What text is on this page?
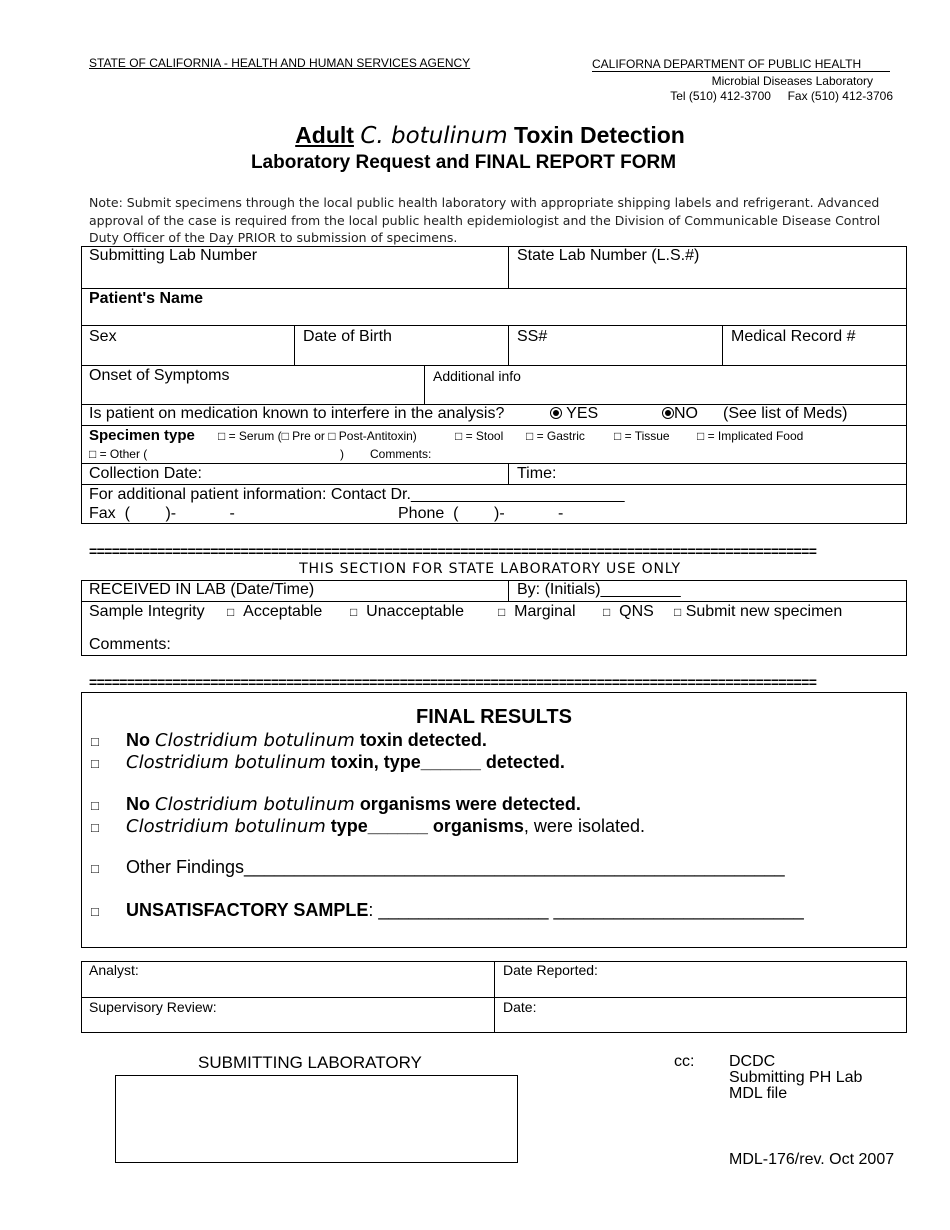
STATE OF CALIFORNIA - HEALTH AND HUMAN SERVICES AGENCY	CALIFORNA DEPARTMENT OF PUBLIC HEALTH
Microbial Diseases Laboratory
Tel (510) 412-3700 Fax (510) 412-3706
Adult C. botulinum Toxin Detection
Laboratory Request and FINAL REPORT FORM
Note: Submit specimens through the local public health laboratory with appropriate shipping labels and refrigerant. Advanced approval of the case is required from the local public health epidemiologist and the Division of Communicable Disease Control Duty Officer of the Day PRIOR to submission of specimens.
Submitting Lab Number	State Lab Number (L.S.#)
Patient's Name
Sex	Date of Birth	SS#	Medical Record #
Onset of Symptoms	Additional info
Is patient on medication known to interfere in the analysis?	YES	NO (See list of Meds)
Specimen type □ = Serum (□ Pre or □ Post-Antitoxin)	□ = Stool □ = Gastric □ = Tissue □ = Implicated Food
□ = Other (	) Comments:
Collection Date:	Time:
For additional patient information: Contact Dr.________________________
Fax  (        )-            -	Phone  (        )-            -
================================================================================================
THIS SECTION FOR STATE LABORATORY USE ONLY
RECEIVED IN LAB (Date/Time)	By: (Initials)_________
Sample Integrity □ Acceptable □ Unacceptable	□ Marginal □ QNS □ Submit new specimen
Comments:
================================================================================================
FINAL RESULTS
□ No Clostridium botulinum toxin detected.
□ Clostridium botulinum toxin, type______ detected.
□ No Clostridium botulinum organisms were detected.
□ Clostridium botulinum type______ organisms, were isolated.
□ Other Findings______________________________________________________
□ UNSATISFACTORY SAMPLE: _________________ _________________________
Analyst:	Date Reported:
Supervisory Review:	Date:
SUBMITTING LABORATORY	cc: DCDC
Submitting PH Lab
MDL file
MDL-176/rev. Oct 2007
